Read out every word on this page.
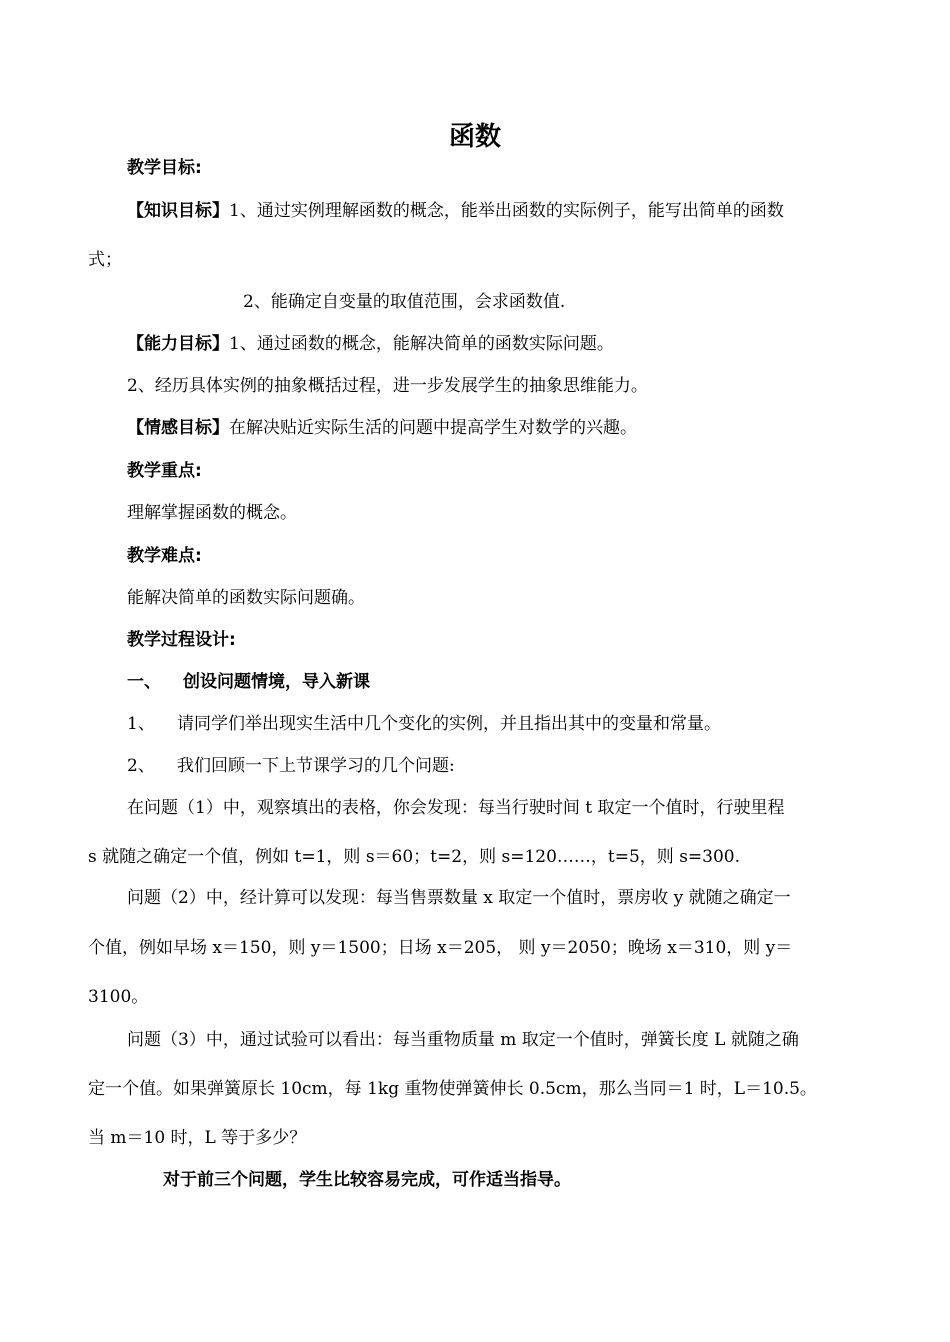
函数
教学目标:
【知识目标】1、通过实例理解函数的概念，能举出函数的实际例子，能写出简单的函数
式；
2、能确定自变量的取值范围，会求函数值.
【能力目标】1、通过函数的概念，能解决简单的函数实际问题。
2、经历具体实例的抽象概括过程，进一步发展学生的抽象思维能力。
【情感目标】在解决贴近实际生活的问题中提高学生对数学的兴趣。
教学重点:
理解掌握函数的概念。
教学难点:
能解决简单的函数实际问题确。
教学过程设计:
一、 创设问题情境，导入新课
1、 请同学们举出现实生活中几个变化的实例，并且指出其中的变量和常量。
2、 我们回顾一下上节课学习的几个问题:
在问题（1）中，观察填出的表格，你会发现：每当行驶时间 t 取定一个值时，行驶里程
s 就随之确定一个值，例如 t=1，则 s＝60；t=2，则 s=120……，t=5，则 s=300.
问题（2）中，经计算可以发现：每当售票数量 x 取定一个值时，票房收 y 就随之确定一
个值，例如早场 x＝150，则 y＝1500；日场 x＝205， 则 y＝2050；晚场 x＝310，则 y＝
3100。
问题（3）中，通过试验可以看出：每当重物质量 m 取定一个值时，弹簧长度 L 就随之确
定一个值。如果弹簧原长 10cm，每 1kg 重物使弹簧伸长 0.5cm，那么当同＝1 时，L＝10.5。
当 m＝10 时，L 等于多少？
对于前三个问题，学生比较容易完成，可作适当指导。
